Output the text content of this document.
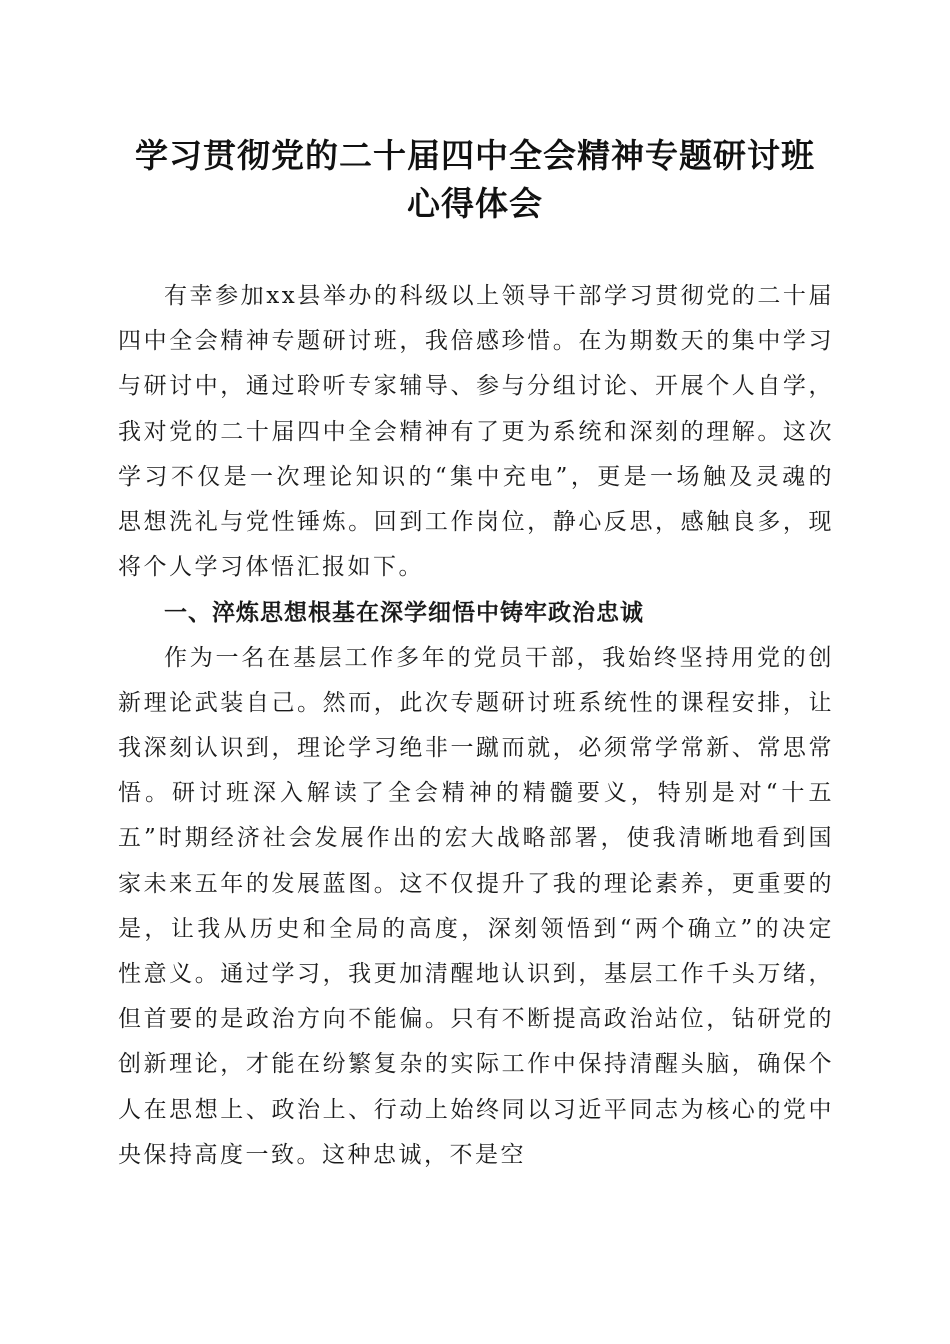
学习贯彻党的二十届四中全会精神专题研讨班
心得体会

有幸参加xx县举办的科级以上领导干部学习贯彻党的二十届四中全会精神专题研讨班，我倍感珍惜。在为期数天的集中学习与研讨中，通过聆听专家辅导、参与分组讨论、开展个人自学，我对党的二十届四中全会精神有了更为系统和深刻的理解。这次学习不仅是一次理论知识的“集中充电”，更是一场触及灵魂的思想洗礼与党性锤炼。回到工作岗位，静心反思，感触良多，现将个人学习体悟汇报如下。

一、淬炼思想根基在深学细悟中铸牢政治忠诚

作为一名在基层工作多年的党员干部，我始终坚持用党的创新理论武装自己。然而，此次专题研讨班系统性的课程安排，让我深刻认识到，理论学习绝非一蹴而就，必须常学常新、常思常悟。研讨班深入解读了全会精神的精髓要义，特别是对“十五五”时期经济社会发展作出的宏大战略部署，使我清晰地看到国家未来五年的发展蓝图。这不仅提升了我的理论素养，更重要的是，让我从历史和全局的高度，深刻领悟到“两个确立”的决定性意义。通过学习，我更加清醒地认识到，基层工作千头万绪，但首要的是政治方向不能偏。只有不断提高政治站位，钻研党的创新理论，才能在纷繁复杂的实际工作中保持清醒头脑，确保个人在思想上、政治上、行动上始终同以习近平同志为核心的党中央保持高度一致。这种忠诚，不是空
